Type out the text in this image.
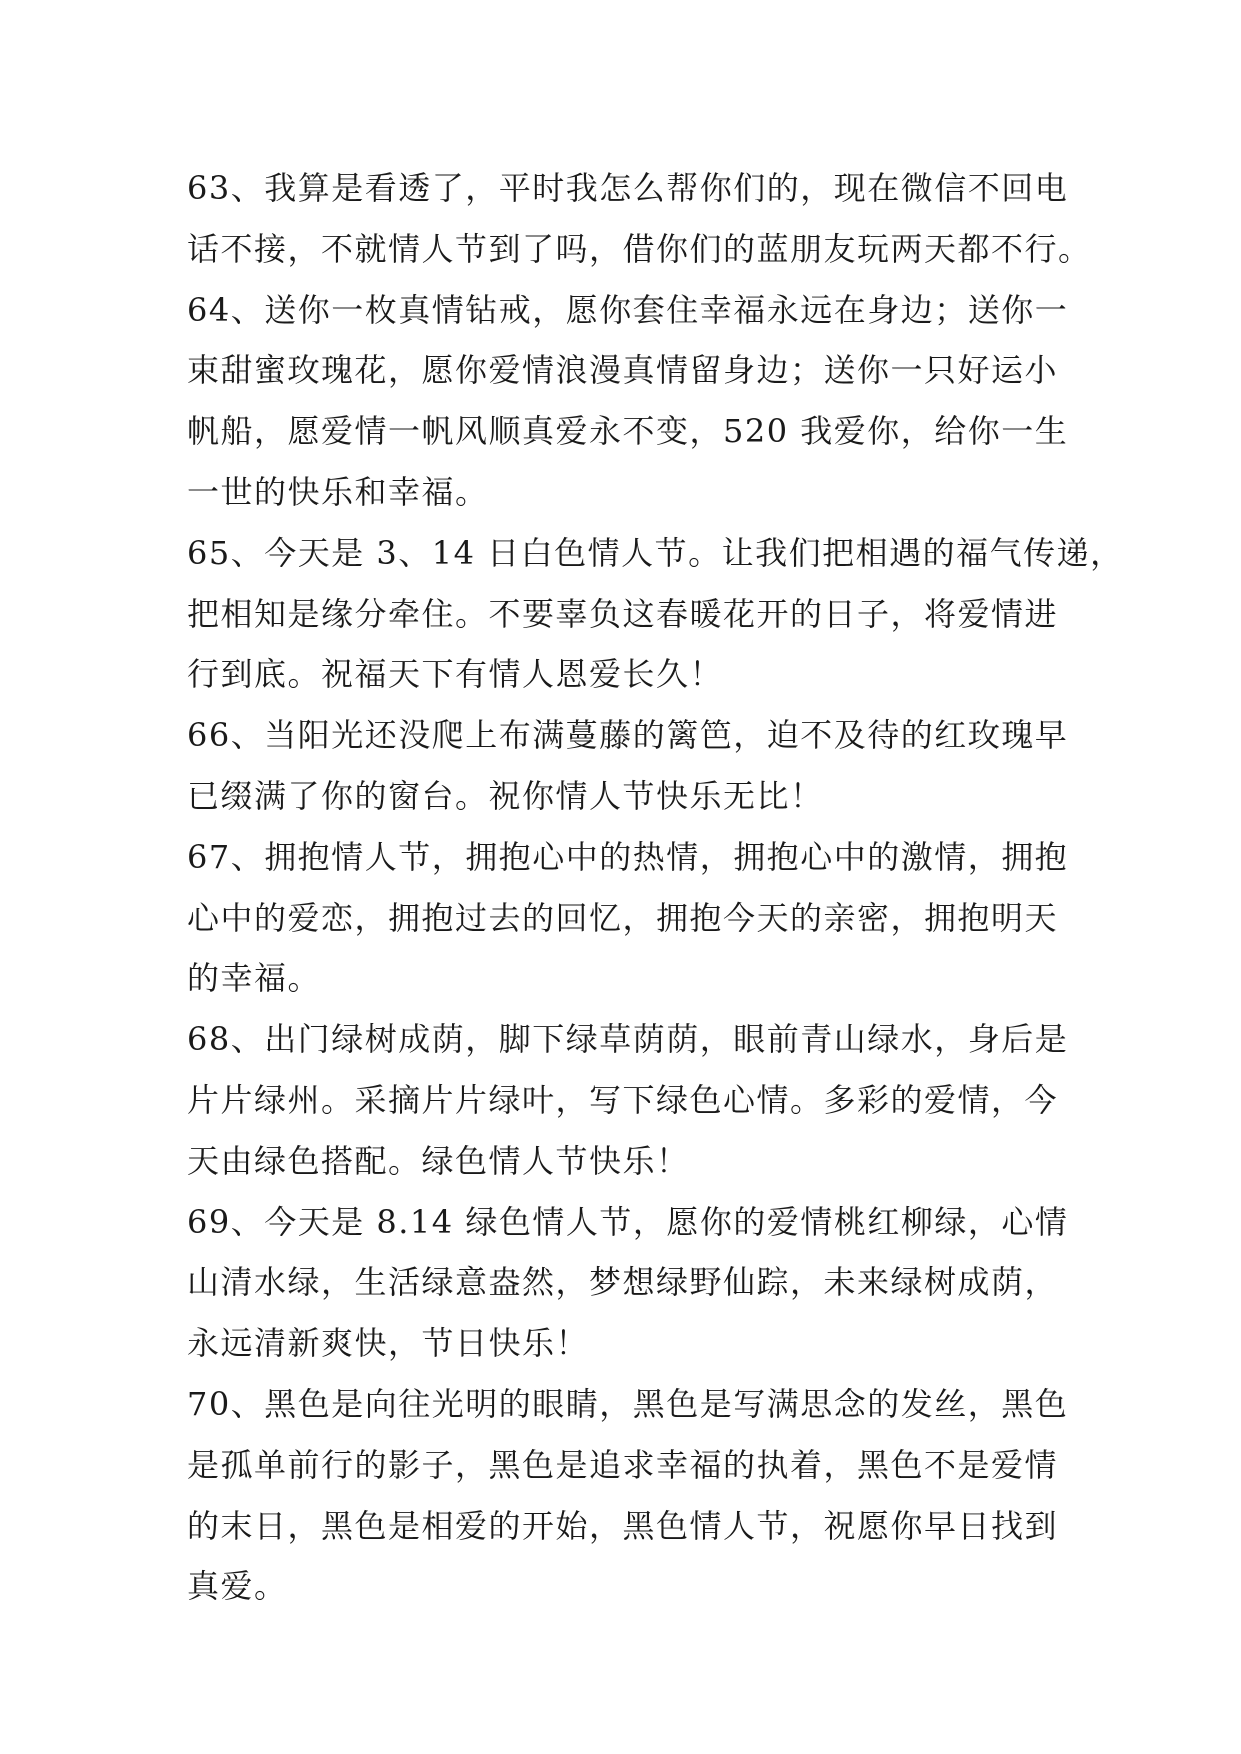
63、我算是看透了，平时我怎么帮你们的，现在微信不回电
话不接，不就情人节到了吗，借你们的蓝朋友玩两天都不行。
64、送你一枚真情钻戒，愿你套住幸福永远在身边；送你一
束甜蜜玫瑰花，愿你爱情浪漫真情留身边；送你一只好运小
帆船，愿爱情一帆风顺真爱永不变，520 我爱你，给你一生
一世的快乐和幸福。
65、今天是 3、14 日白色情人节。让我们把相遇的福气传递，
把相知是缘分牵住。不要辜负这春暖花开的日子，将爱情进
行到底。祝福天下有情人恩爱长久！
66、当阳光还没爬上布满蔓藤的篱笆，迫不及待的红玫瑰早
已缀满了你的窗台。祝你情人节快乐无比！
67、拥抱情人节，拥抱心中的热情，拥抱心中的激情，拥抱
心中的爱恋，拥抱过去的回忆，拥抱今天的亲密，拥抱明天
的幸福。
68、出门绿树成荫，脚下绿草荫荫，眼前青山绿水，身后是
片片绿州。采摘片片绿叶，写下绿色心情。多彩的爱情，今
天由绿色搭配。绿色情人节快乐！
69、今天是 8.14 绿色情人节，愿你的爱情桃红柳绿，心情
山清水绿，生活绿意盎然，梦想绿野仙踪，未来绿树成荫，
永远清新爽快，节日快乐！
70、黑色是向往光明的眼睛，黑色是写满思念的发丝，黑色
是孤单前行的影子，黑色是追求幸福的执着，黑色不是爱情
的末日，黑色是相爱的开始，黑色情人节，祝愿你早日找到
真爱。
